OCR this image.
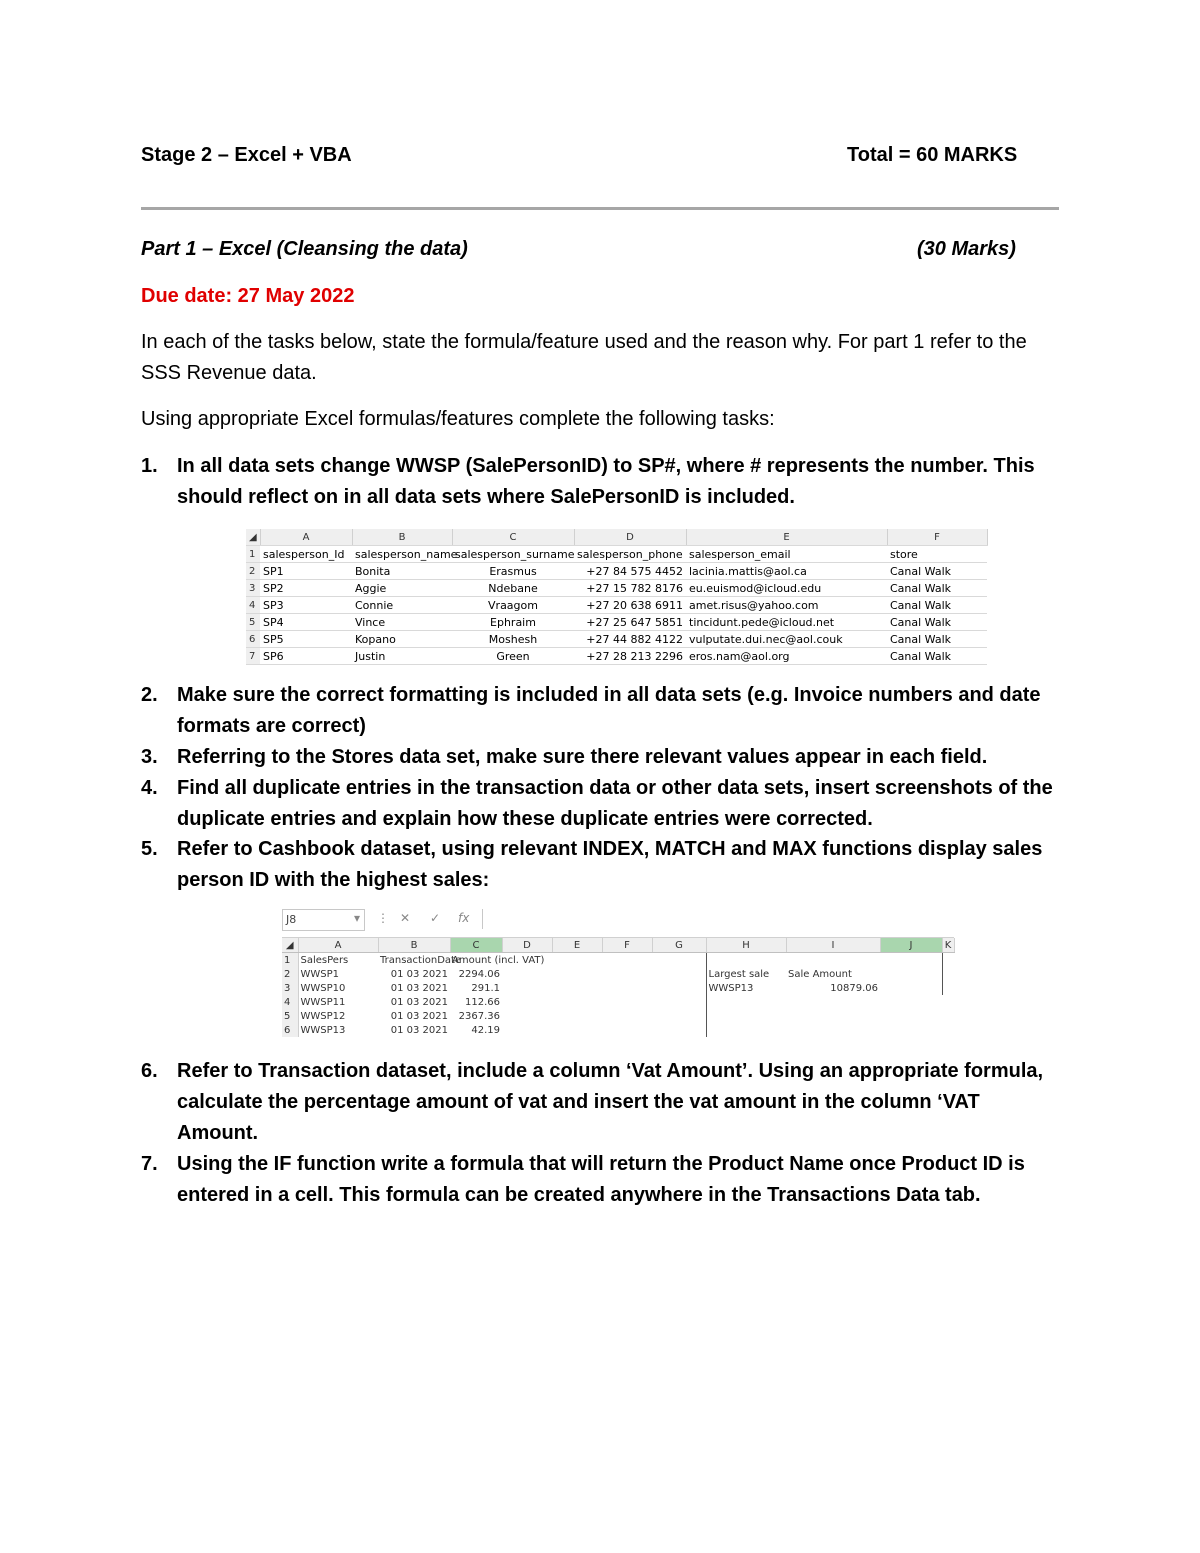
Stage 2 – Excel + VBA	Total = 60 MARKS
Part 1 – Excel (Cleansing the data)	(30 Marks)
Due date: 27 May 2022
In each of the tasks below, state the formula/feature used and the reason why. For part 1 refer to the SSS Revenue data.
Using appropriate Excel formulas/features complete the following tasks:
1. In all data sets change WWSP (SalePersonID) to SP#, where # represents the number. This should reflect on in all data sets where SalePersonID is included.
◢	A	B	C	D	E	F
1	salesperson_Id	salesperson_name	salesperson_surname	salesperson_phone	salesperson_email	store
2	SP1	Bonita	Erasmus	+27 84 575 4452	lacinia.mattis@aol.ca	Canal Walk
3	SP2	Aggie	Ndebane	+27 15 782 8176	eu.euismod@icloud.edu	Canal Walk
4	SP3	Connie	Vraagom	+27 20 638 6911	amet.risus@yahoo.com	Canal Walk
5	SP4	Vince	Ephraim	+27 25 647 5851	tincidunt.pede@icloud.net	Canal Walk
6	SP5	Kopano	Moshesh	+27 44 882 4122	vulputate.dui.nec@aol.couk	Canal Walk
7	SP6	Justin	Green	+27 28 213 2296	eros.nam@aol.org	Canal Walk
2. Make sure the correct formatting is included in all data sets (e.g. Invoice numbers and date formats are correct)
3. Referring to the Stores data set, make sure there relevant values appear in each field.
4. Find all duplicate entries in the transaction data or other data sets, insert screenshots of the duplicate entries and explain how these duplicate entries were corrected.
5. Refer to Cashbook dataset, using relevant INDEX, MATCH and MAX functions display sales person ID with the highest sales:
J8	▾ ⋮ ✕ ✓ fx
◢	A	B	C	D	E	F	G	H	I	J	K
1	SalesPers	TransactionDate	Amount (incl. VAT)								
2	WWSP1	01 03 2021	2294.06					Largest sale	Sale Amount		
3	WWSP10	01 03 2021	291.1					WWSP13	10879.06		
4	WWSP11	01 03 2021	112.66								
5	WWSP12	01 03 2021	2367.36								
6	WWSP13	01 03 2021	42.19								
6. Refer to Transaction dataset, include a column ‘Vat Amount’. Using an appropriate formula, calculate the percentage amount of vat and insert the vat amount in the column ‘VAT Amount.
7. Using the IF function write a formula that will return the Product Name once Product ID is entered in a cell. This formula can be created anywhere in the Transactions Data tab.
